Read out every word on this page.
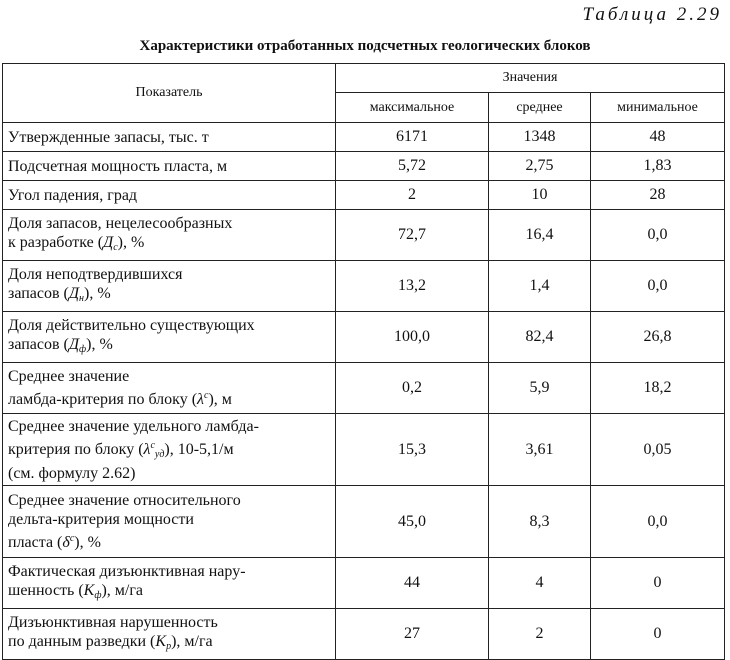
Таблица 2.29
Характеристики отработанных подсчетных геологических блоков
Показатель	Значения		
	максимальное	среднее	минимальное
Утвержденные запасы, тыс. т	6171	1348	48
Подсчетная мощность пласта, м	5,72	2,75	1,83
Угол падения, град	2	10	28
Доля запасов, нецелесообразных
к разработке (Дс), %	72,7	16,4	0,0
Доля неподтвердившихся
запасов (Дн), %	13,2	1,4	0,0
Доля действительно существующих
запасов (Дф), %	100,0	82,4	26,8
Среднее значение
ламбда-критерия по блоку $(\lambda^с)$, м	0,2	5,9	18,2
Среднее значение удельного ламбда-
критерия по блоку $(\lambda^суд)$, 10-5,1/м
(см. формулу 2.62)	15,3	3,61	0,05
Среднее значение относительного
дельта-критерия мощности
пласта $(\delta^с)$, %	45,0	8,3	0,0
Фактическая дизъюнктивная нару-
шенность (Kф), м/га	44	4	0
Дизъюнктивная нарушенность
по данным разведки (Kр), м/га	27	2	0
